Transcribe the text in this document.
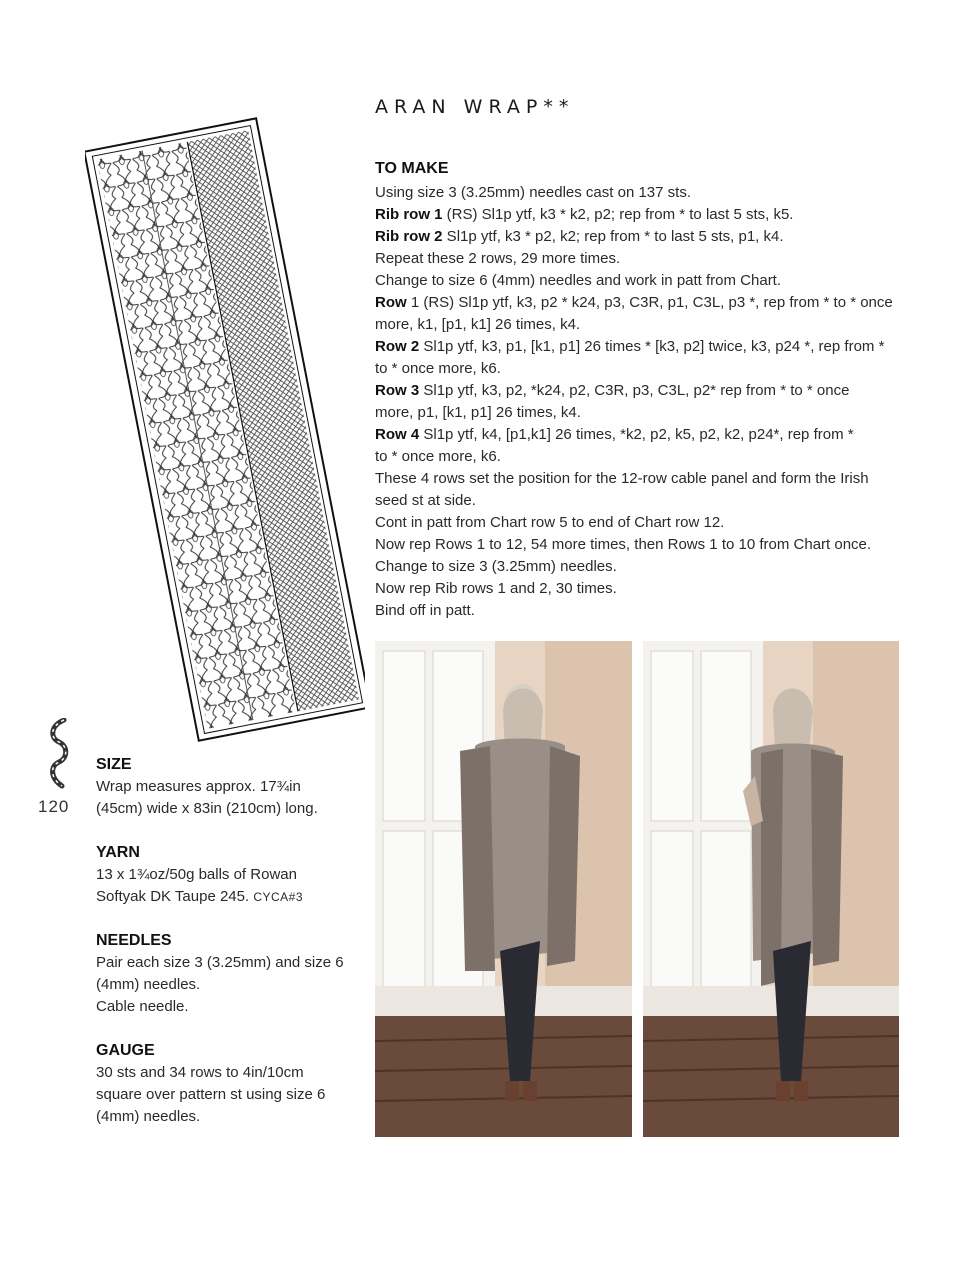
ARAN WRAP**
TO MAKE
Using size 3 (3.25mm) needles cast on 137 sts.
Rib row 1 (RS) Sl1p ytf, k3 * k2, p2; rep from * to last 5 sts, k5.
Rib row 2 Sl1p ytf, k3 * p2, k2; rep from * to last 5 sts, p1, k4.
Repeat these 2 rows, 29 more times.
Change to size 6 (4mm) needles and work in patt from Chart.
Row 1 (RS) Sl1p ytf, k3, p2 * k24, p3, C3R, p1, C3L, p3 *, rep from * to * once
more, k1, [p1, k1] 26 times, k4.
Row 2 Sl1p ytf, k3, p1, [k1, p1] 26 times * [k3, p2] twice, k3, p24 *, rep from *
to * once more, k6.
Row 3 Sl1p ytf, k3, p2, *k24, p2, C3R, p3, C3L, p2* rep from * to * once
more, p1, [k1, p1] 26 times, k4.
Row 4 Sl1p ytf, k4, [p1,k1] 26 times, *k2, p2, k5, p2, k2, p24*, rep from *
to * once more, k6.
These 4 rows set the position for the 12-row cable panel and form the Irish
seed st at side.
Cont in patt from Chart row 5 to end of Chart row 12.
Now rep Rows 1 to 12, 54 more times, then Rows 1 to 10 from Chart once.
Change to size 3 (3.25mm) needles.
Now rep Rib rows 1 and 2, 30 times.
Bind off in patt.
120
SIZE
Wrap measures approx. 17¾in
(45cm) wide x 83in (210cm) long.
YARN
13 x 1¾oz/50g balls of Rowan
Softyak DK Taupe 245. CYCA#3
NEEDLES
Pair each size 3 (3.25mm) and size 6
(4mm) needles.
Cable needle.
GAUGE
30 sts and 34 rows to 4in/10cm
square over pattern st using size 6
(4mm) needles.
